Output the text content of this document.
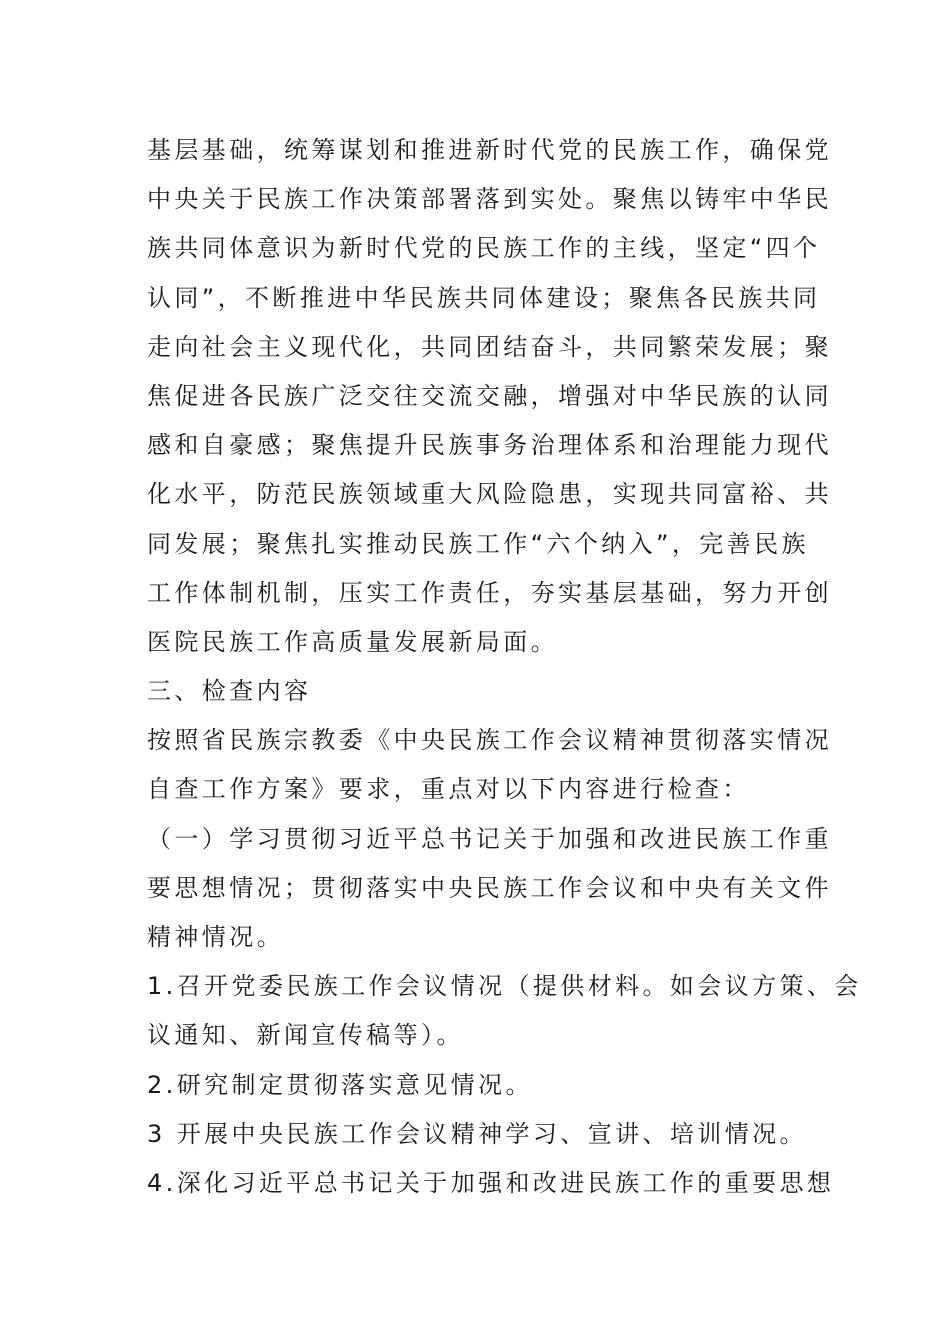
基层基础，统筹谋划和推进新时代党的民族工作，确保党
中央关于民族工作决策部署落到实处。聚焦以铸牢中华民
族共同体意识为新时代党的民族工作的主线，坚定“四个
认同”，不断推进中华民族共同体建设；聚焦各民族共同
走向社会主义现代化，共同团结奋斗，共同繁荣发展；聚
焦促进各民族广泛交往交流交融，增强对中华民族的认同
感和自豪感；聚焦提升民族事务治理体系和治理能力现代
化水平，防范民族领域重大风险隐患，实现共同富裕、共
同发展；聚焦扎实推动民族工作“六个纳入”，完善民族
工作体制机制，压实工作责任，夯实基层基础，努力开创
医院民族工作高质量发展新局面。
三、检查内容
按照省民族宗教委《中央民族工作会议精神贯彻落实情况
自查工作方案》要求，重点对以下内容进行检查：
（一）学习贯彻习近平总书记关于加强和改进民族工作重
要思想情况；贯彻落实中央民族工作会议和中央有关文件
精神情况。
1.召开党委民族工作会议情况（提供材料。如会议方策、会
议通知、新闻宣传稿等）。
2.研究制定贯彻落实意见情况。
3 开展中央民族工作会议精神学习、宣讲、培训情况。
4.深化习近平总书记关于加强和改进民族工作的重要思想
